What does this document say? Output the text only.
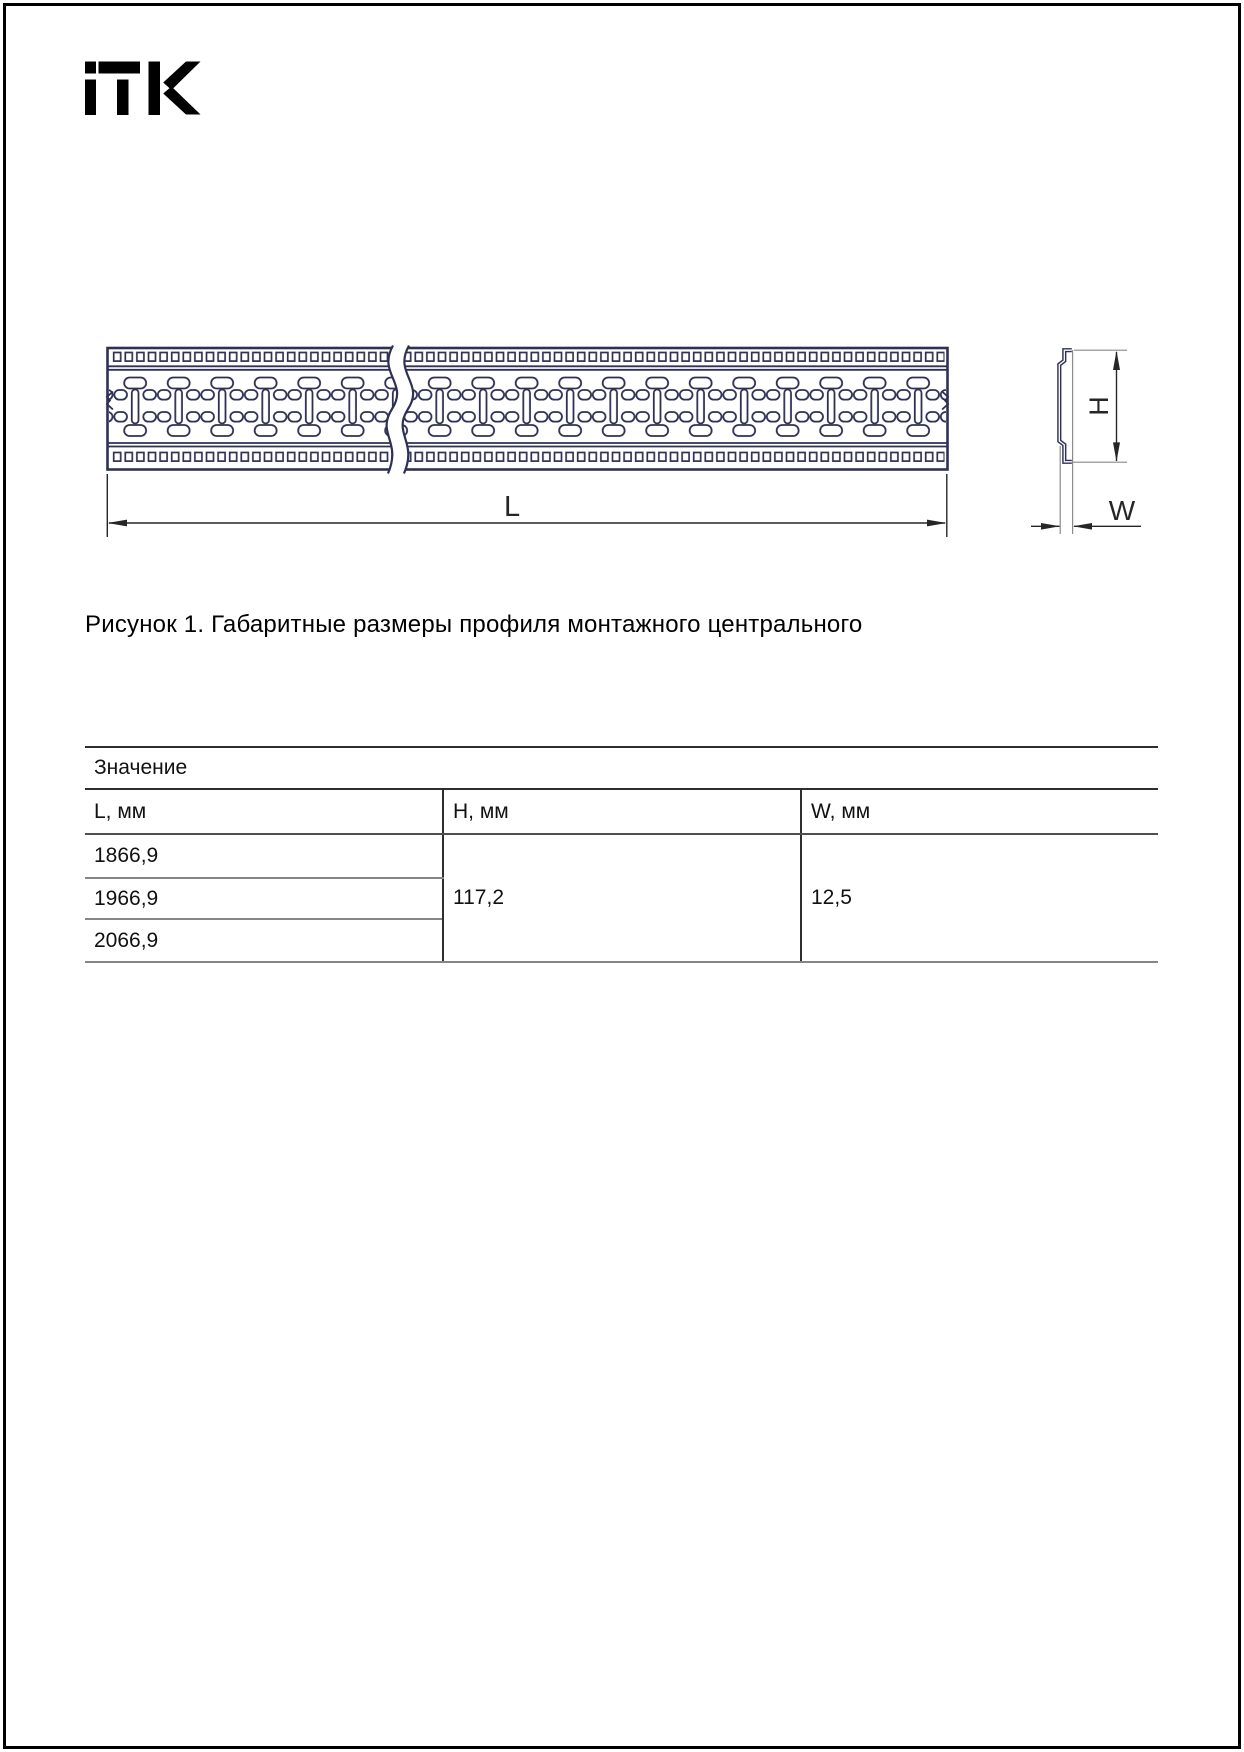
L
H
W
Рисунок 1. Габаритные размеры профиля монтажного центрального
Значение		
L, мм	H, мм	W, мм
1866,9	117,2	12,5
1966,9		
2066,9		
